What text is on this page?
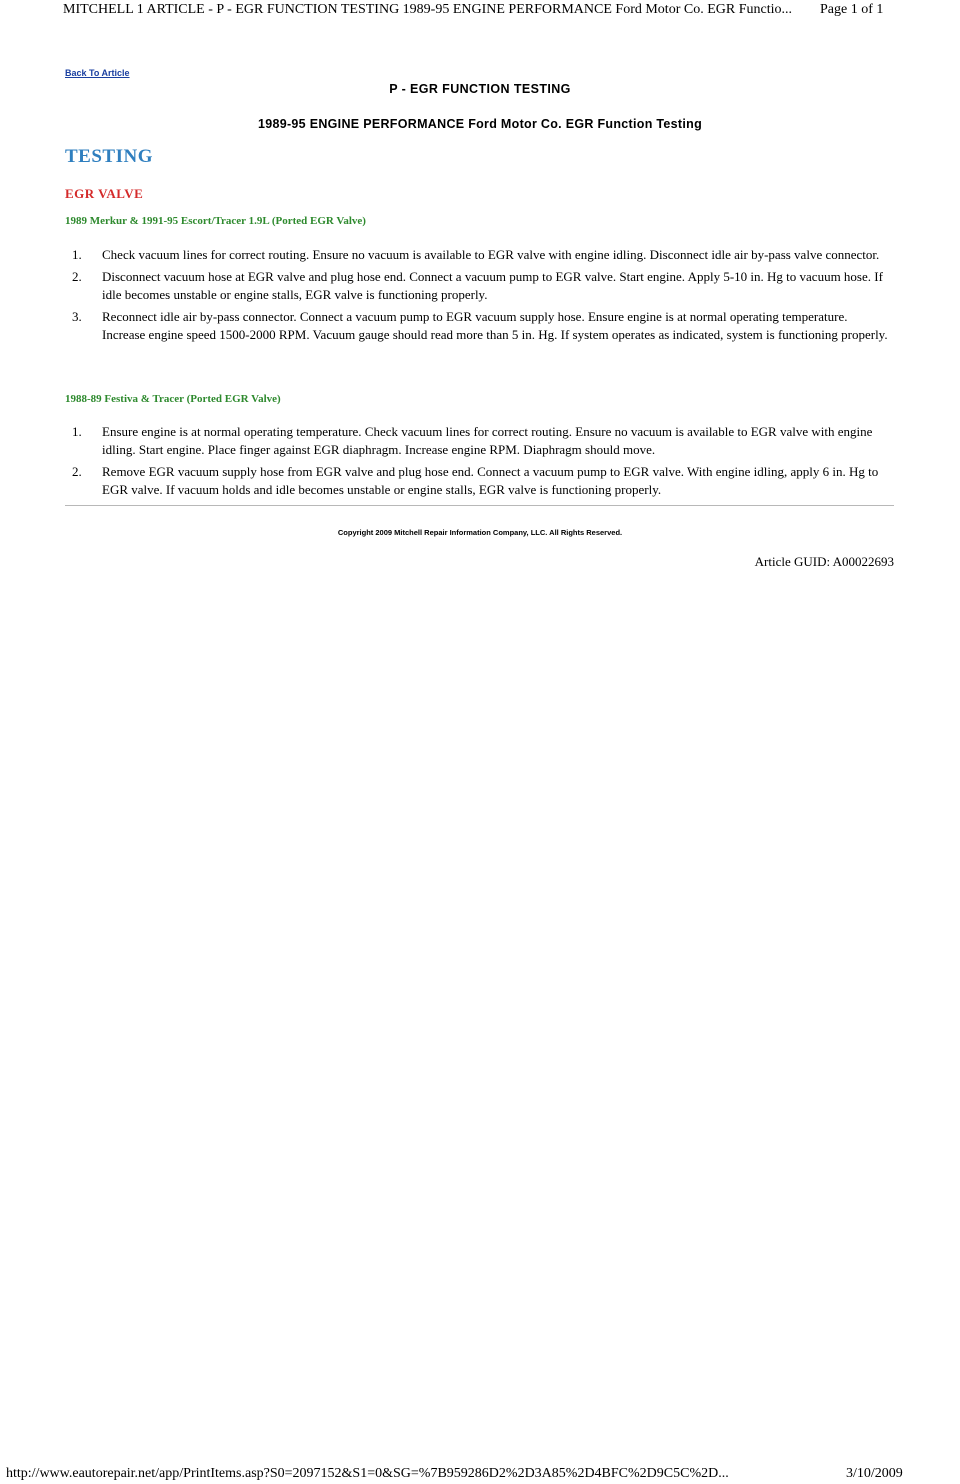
MITCHELL 1 ARTICLE - P - EGR FUNCTION TESTING 1989-95 ENGINE PERFORMANCE Ford Motor Co. EGR Functio... Page 1 of 1
Back To Article
P - EGR FUNCTION TESTING
1989-95 ENGINE PERFORMANCE Ford Motor Co. EGR Function Testing
TESTING
EGR VALVE
1989 Merkur & 1991-95 Escort/Tracer 1.9L (Ported EGR Valve)
1. Check vacuum lines for correct routing. Ensure no vacuum is available to EGR valve with engine idling. Disconnect idle air by-pass valve connector.
2. Disconnect vacuum hose at EGR valve and plug hose end. Connect a vacuum pump to EGR valve. Start engine. Apply 5-10 in. Hg to vacuum hose. If idle becomes unstable or engine stalls, EGR valve is functioning properly.
3. Reconnect idle air by-pass connector. Connect a vacuum pump to EGR vacuum supply hose. Ensure engine is at normal operating temperature. Increase engine speed 1500-2000 RPM. Vacuum gauge should read more than 5 in. Hg. If system operates as indicated, system is functioning properly.
1988-89 Festiva & Tracer (Ported EGR Valve)
1. Ensure engine is at normal operating temperature. Check vacuum lines for correct routing. Ensure no vacuum is available to EGR valve with engine idling. Start engine. Place finger against EGR diaphragm. Increase engine RPM. Diaphragm should move.
2. Remove EGR vacuum supply hose from EGR valve and plug hose end. Connect a vacuum pump to EGR valve. With engine idling, apply 6 in. Hg to EGR valve. If vacuum holds and idle becomes unstable or engine stalls, EGR valve is functioning properly.
Copyright 2009 Mitchell Repair Information Company, LLC. All Rights Reserved.
Article GUID: A00022693
http://www.eautorepair.net/app/PrintItems.asp?S0=2097152&S1=0&SG=%7B959286D2%2D3A85%2D4BFC%2D9C5C%2D...	3/10/2009
